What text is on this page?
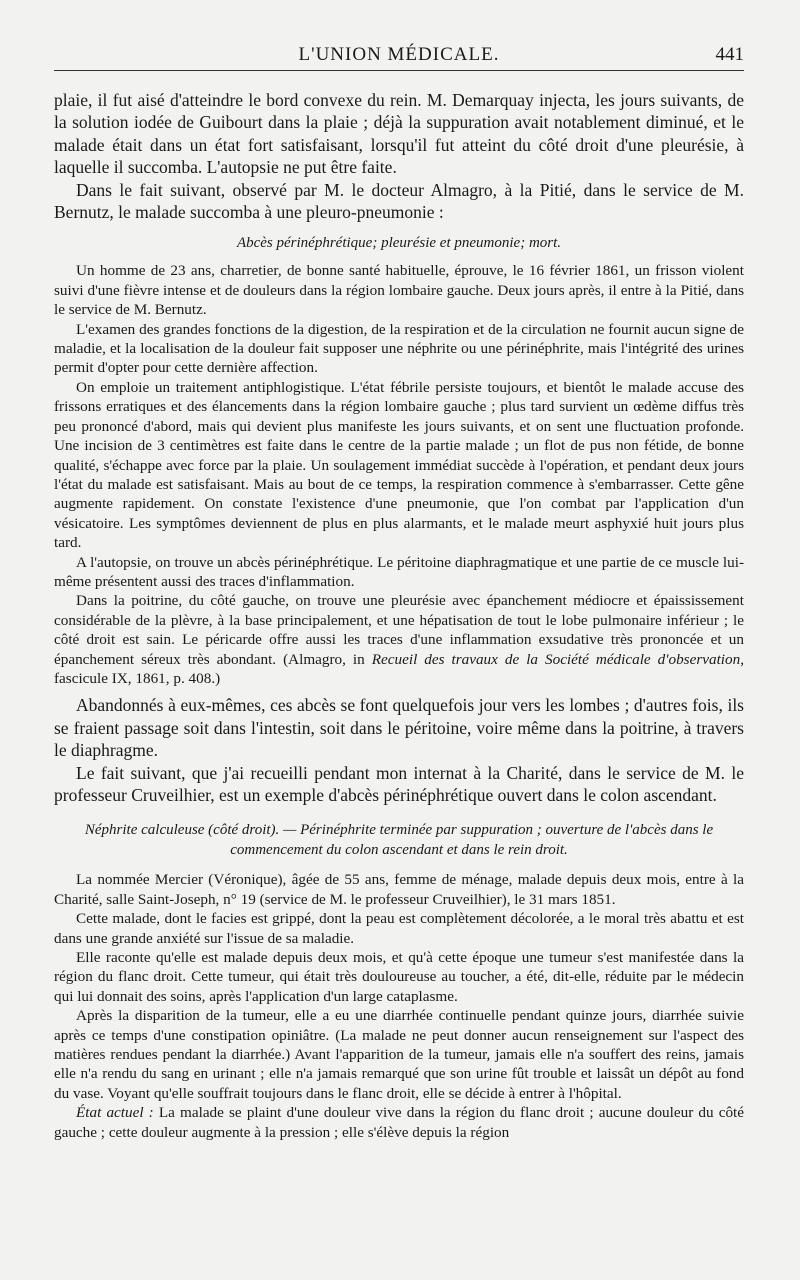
L'UNION MÉDICALE.	441

plaie, il fut aisé d'atteindre le bord convexe du rein. M. Demarquay injecta, les jours suivants, de la solution iodée de Guibourt dans la plaie ; déjà la suppuration avait notablement diminué, et le malade était dans un état fort satisfaisant, lorsqu'il fut atteint du côté droit d'une pleurésie, à laquelle il succomba. L'autopsie ne put être faite.

Dans le fait suivant, observé par M. le docteur Almagro, à la Pitié, dans le service de M. Bernutz, le malade succomba à une pleuro-pneumonie :

Abcès périnéphrétique; pleurésie et pneumonie; mort.

Un homme de 23 ans, charretier, de bonne santé habituelle, éprouve, le 16 février 1861, un frisson violent suivi d'une fièvre intense et de douleurs dans la région lombaire gauche. Deux jours après, il entre à la Pitié, dans le service de M. Bernutz.

L'examen des grandes fonctions de la digestion, de la respiration et de la circulation ne fournit aucun signe de maladie, et la localisation de la douleur fait supposer une néphrite ou une périnéphrite, mais l'intégrité des urines permit d'opter pour cette dernière affection.

On emploie un traitement antiphlogistique. L'état fébrile persiste toujours, et bientôt le malade accuse des frissons erratiques et des élancements dans la région lombaire gauche ; plus tard survient un œdème diffus très peu prononcé d'abord, mais qui devient plus manifeste les jours suivants, et on sent une fluctuation profonde. Une incision de 3 centimètres est faite dans le centre de la partie malade ; un flot de pus non fétide, de bonne qualité, s'échappe avec force par la plaie. Un soulagement immédiat succède à l'opération, et pendant deux jours l'état du malade est satisfaisant. Mais au bout de ce temps, la respiration commence à s'embarrasser. Cette gêne augmente rapidement. On constate l'existence d'une pneumonie, que l'on combat par l'application d'un vésicatoire. Les symptômes deviennent de plus en plus alarmants, et le malade meurt asphyxié huit jours plus tard.

A l'autopsie, on trouve un abcès périnéphrétique. Le péritoine diaphragmatique et une partie de ce muscle lui-même présentent aussi des traces d'inflammation.

Dans la poitrine, du côté gauche, on trouve une pleurésie avec épanchement médiocre et épaississement considérable de la plèvre, à la base principalement, et une hépatisation de tout le lobe pulmonaire inférieur ; le côté droit est sain. Le péricarde offre aussi les traces d'une inflammation exsudative très prononcée et un épanchement séreux très abondant. (Almagro, in Recueil des travaux de la Société médicale d'observation, fascicule IX, 1861, p. 408.)

Abandonnés à eux-mêmes, ces abcès se font quelquefois jour vers les lombes ; d'autres fois, ils se fraient passage soit dans l'intestin, soit dans le péritoine, voire même dans la poitrine, à travers le diaphragme.

Le fait suivant, que j'ai recueilli pendant mon internat à la Charité, dans le service de M. le professeur Cruveilhier, est un exemple d'abcès périnéphrétique ouvert dans le colon ascendant.

Néphrite calculeuse (côté droit). — Périnéphrite terminée par suppuration ; ouverture de l'abcès dans le commencement du colon ascendant et dans le rein droit.

La nommée Mercier (Véronique), âgée de 55 ans, femme de ménage, malade depuis deux mois, entre à la Charité, salle Saint-Joseph, n° 19 (service de M. le professeur Cruveilhier), le 31 mars 1851.

Cette malade, dont le facies est grippé, dont la peau est complètement décolorée, a le moral très abattu et est dans une grande anxiété sur l'issue de sa maladie.

Elle raconte qu'elle est malade depuis deux mois, et qu'à cette époque une tumeur s'est manifestée dans la région du flanc droit. Cette tumeur, qui était très douloureuse au toucher, a été, dit-elle, réduite par le médecin qui lui donnait des soins, après l'application d'un large cataplasme.

Après la disparition de la tumeur, elle a eu une diarrhée continuelle pendant quinze jours, diarrhée suivie après ce temps d'une constipation opiniâtre. (La malade ne peut donner aucun renseignement sur l'aspect des matières rendues pendant la diarrhée.) Avant l'apparition de la tumeur, jamais elle n'a souffert des reins, jamais elle n'a rendu du sang en urinant ; elle n'a jamais remarqué que son urine fût trouble et laissât un dépôt au fond du vase. Voyant qu'elle souffrait toujours dans le flanc droit, elle se décide à entrer à l'hôpital.

État actuel : La malade se plaint d'une douleur vive dans la région du flanc droit ; aucune douleur du côté gauche ; cette douleur augmente à la pression ; elle s'élève depuis la région
